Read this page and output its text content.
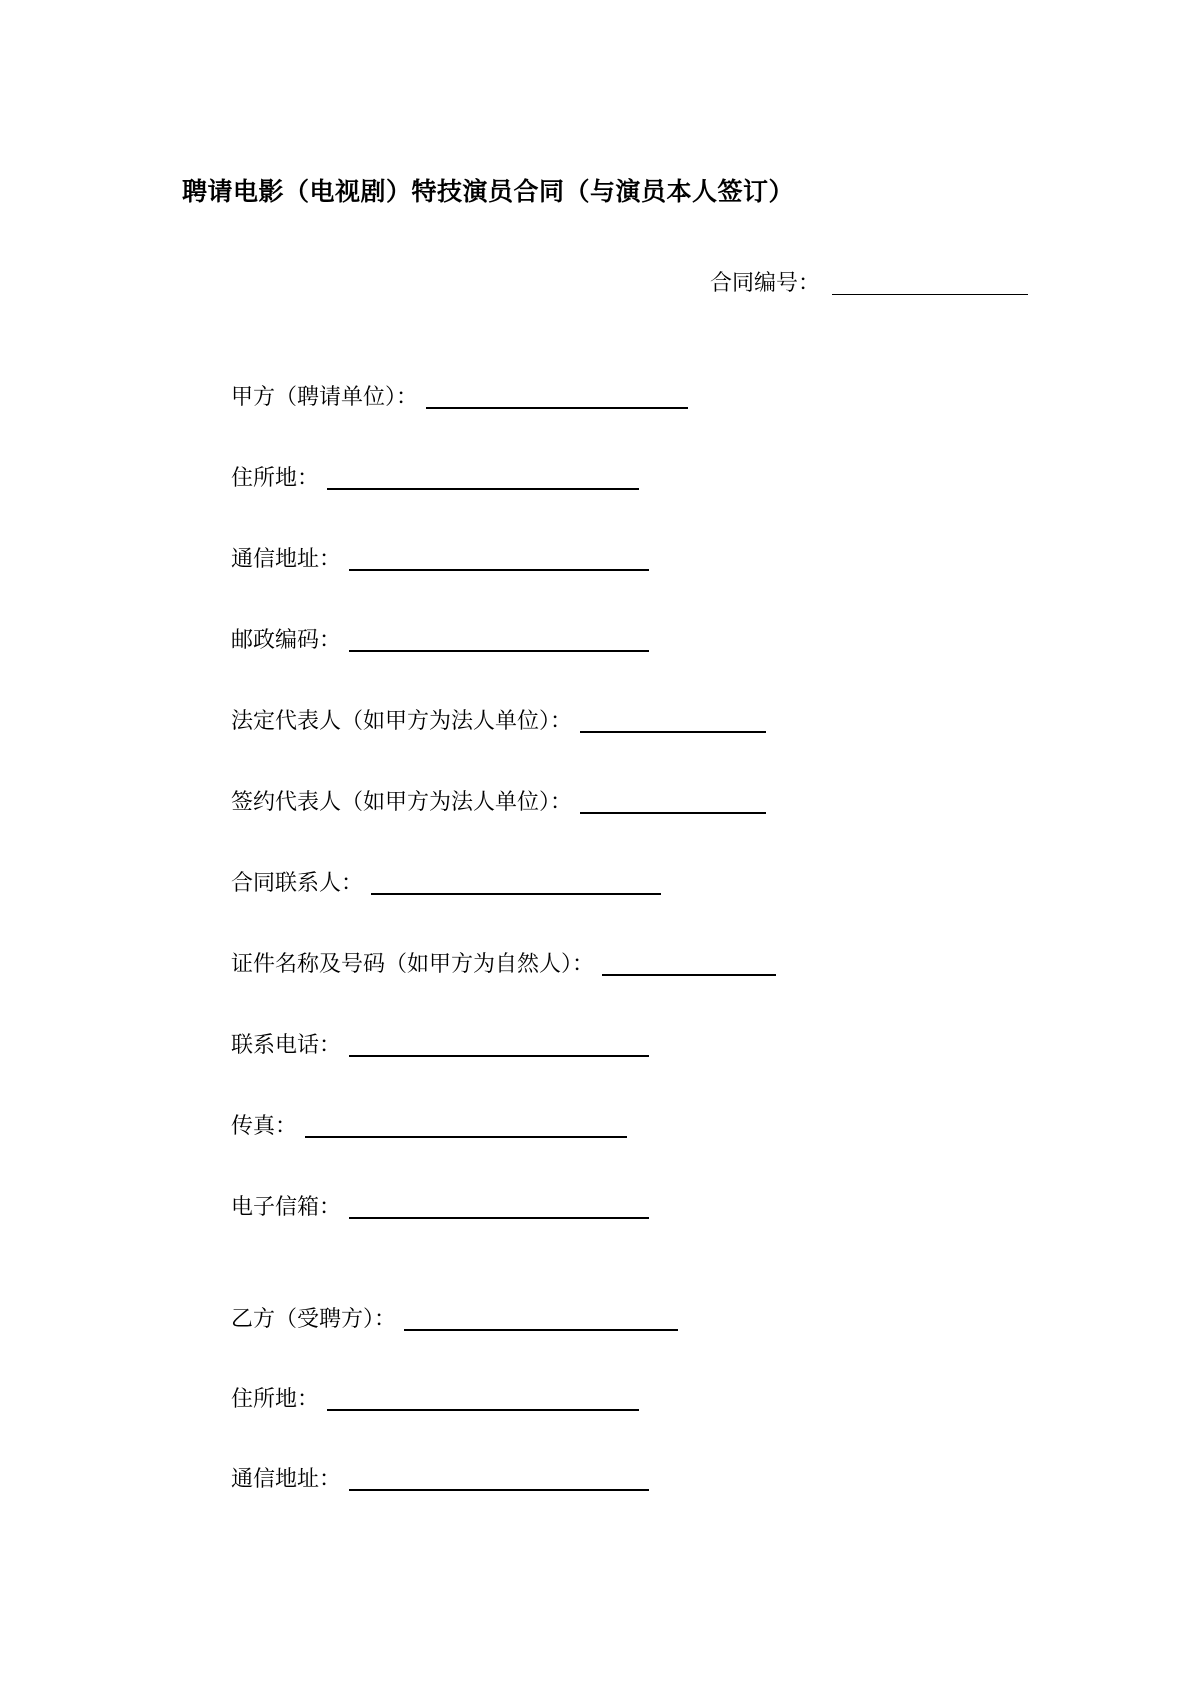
聘请电影（电视剧）特技演员合同（与演员本人签订）
合同编号：
甲方（聘请单位）：
住所地：
通信地址：
邮政编码：
法定代表人（如甲方为法人单位）：
签约代表人（如甲方为法人单位）：
合同联系人：
证件名称及号码（如甲方为自然人）：
联系电话：
传真：
电子信箱：
乙方（受聘方）：
住所地：
通信地址：
